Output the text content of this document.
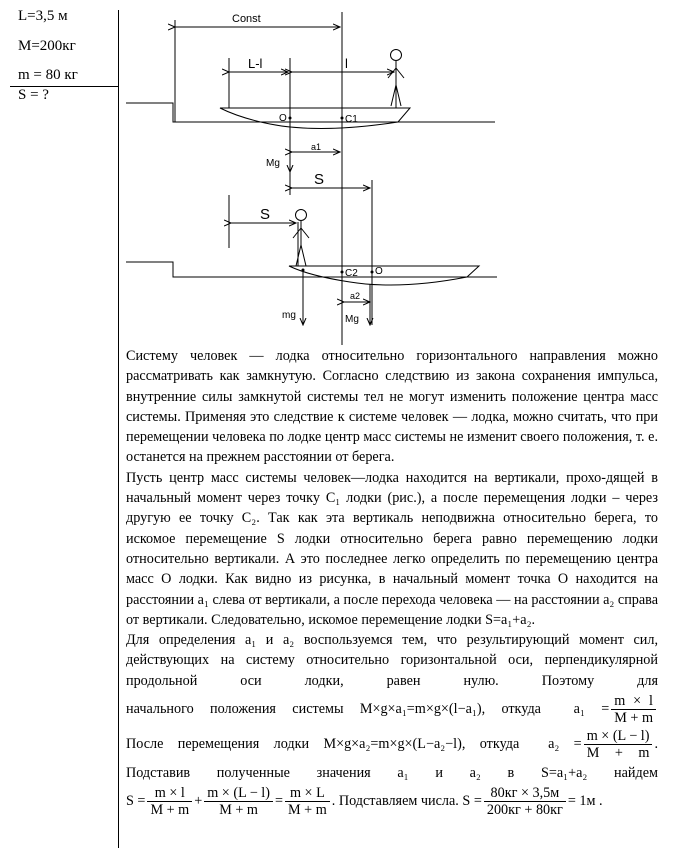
L=3,5 м
M=200кг
m = 80 кг
S = ?
Const
L-l	l
O	C1
a1
Mg
S
S
C2 O
a2
mg	Mg

Систему человек — лодка относительно горизонтального направления можно рассматривать как замкнутую. Согласно следствию из закона сохранения импульса, внутренние силы замкнутой системы тел не могут изменить положение центра масс системы. Применяя это следствие к системе человек — лодка, можно считать, что при перемещении человека по лодке центр масс системы не изменит своего положения, т. е. останется на прежнем расстоянии от берега.

Пусть центр масс системы человек—лодка находится на вертикали, прохо-дящей в начальный момент через точку C₁ лодки (рис.), а после перемещения лодки – через другую ее точку C₂. Так как эта вертикаль неподвижна относительно берега, то искомое перемещение S лодки относительно берега равно перемещению лодки относительно вертикали. А это последнее легко определить по перемещению центра масс О лодки. Как видно из рисунка, в начальный момент точка О находится на расстоянии a₁ слева от вертикали, а после перехода человека — на расстоянии a₂ справа от вертикали. Следовательно, искомое перемещение лодки S=a₁+a₂.

Для определения a₁ и a₂ воспользуемся тем, что результирующий момент сил, действующих на систему относительно горизонтальной оси, перпендикулярной продольной оси лодки, равен нулю. Поэтому для

начального положения системы M×g×a₁=m×g×(l−a₁), откуда $a_1 = \frac{m \times l}{M + m}$

После перемещения лодки M×g×a₂=m×g×(L−a₂−l), откуда $a_2 = \frac{m \times (L - l)}{M + m}$ .

Подставив полученные значения a₁ и a₂ в S=a₁+a₂ найдем

$S = \frac{m \times l}{M + m} + \frac{m \times (L - l)}{M + m} = \frac{m \times L}{M + m}$ . Подставляем числа. $S = \frac{80кг \times 3,5м}{200кг + 80кг} = 1м$ .
